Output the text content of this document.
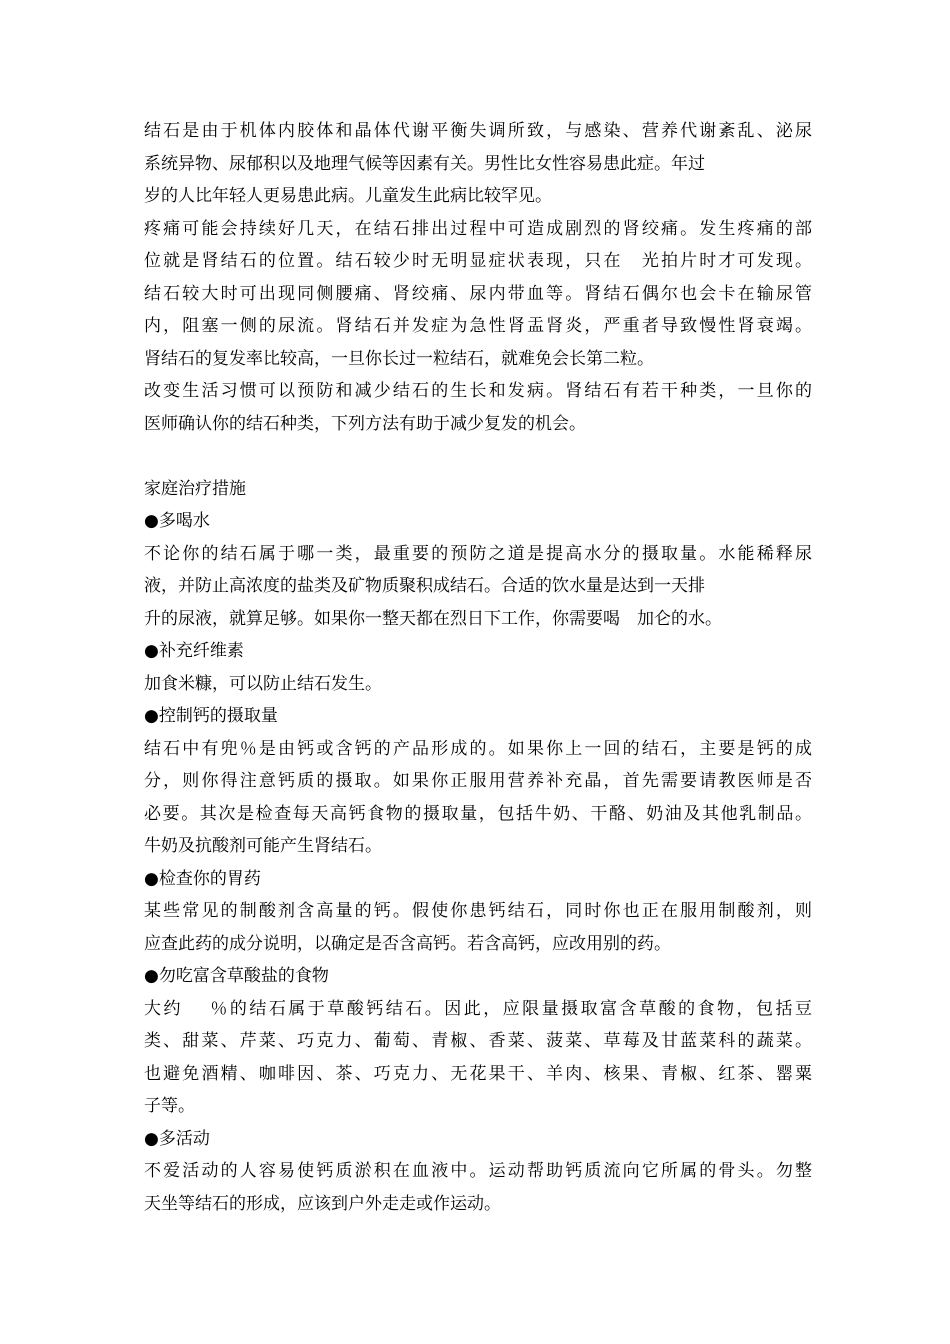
结石是由于机体内胶体和晶体代谢平衡失调所致，与感染、营养代谢紊乱、泌尿
系统异物、尿郁积以及地理气候等因素有关。男性比女性容易患此症。年过
岁的人比年轻人更易患此病。儿童发生此病比较罕见。
疼痛可能会持续好几天，在结石排出过程中可造成剧烈的肾绞痛。发生疼痛的部
位就是肾结石的位置。结石较少时无明显症状表现，只在　光拍片时才可发现。
结石较大时可出现同侧腰痛、肾绞痛、尿内带血等。肾结石偶尔也会卡在输尿管
内，阻塞一侧的尿流。肾结石并发症为急性肾盂肾炎，严重者导致慢性肾衰竭。
肾结石的复发率比较高，一旦你长过一粒结石，就难免会长第二粒。
改变生活习惯可以预防和减少结石的生长和发病。肾结石有若干种类，一旦你的
医师确认你的结石种类，下列方法有助于减少复发的机会。
家庭治疗措施
●多喝水
不论你的结石属于哪一类，最重要的预防之道是提高水分的摄取量。水能稀释尿
液，并防止高浓度的盐类及矿物质聚积成结石。合适的饮水量是达到一天排
升的尿液，就算足够。如果你一整天都在烈日下工作，你需要喝　加仑的水。
●补充纤维素
加食米糠，可以防止结石发生。
●控制钙的摄取量
结石中有兜％是由钙或含钙的产品形成的。如果你上一回的结石，主要是钙的成
分，则你得注意钙质的摄取。如果你正服用营养补充晶，首先需要请教医师是否
必要。其次是检查每天高钙食物的摄取量，包括牛奶、干酪、奶油及其他乳制品。
牛奶及抗酸剂可能产生肾结石。
●检查你的胃药
某些常见的制酸剂含高量的钙。假使你患钙结石，同时你也正在服用制酸剂，则
应查此药的成分说明，以确定是否含高钙。若含高钙，应改用别的药。
●勿吃富含草酸盐的食物
大约　 ％的结石属于草酸钙结石。因此，应限量摄取富含草酸的食物，包括豆
类、甜菜、芹菜、巧克力、葡萄、青椒、香菜、菠菜、草莓及甘蓝菜科的蔬菜。
也避免酒精、咖啡因、茶、巧克力、无花果干、羊肉、核果、青椒、红茶、罂粟
子等。
●多活动
不爱活动的人容易使钙质淤积在血液中。运动帮助钙质流向它所属的骨头。勿整
天坐等结石的形成，应该到户外走走或作运动。
